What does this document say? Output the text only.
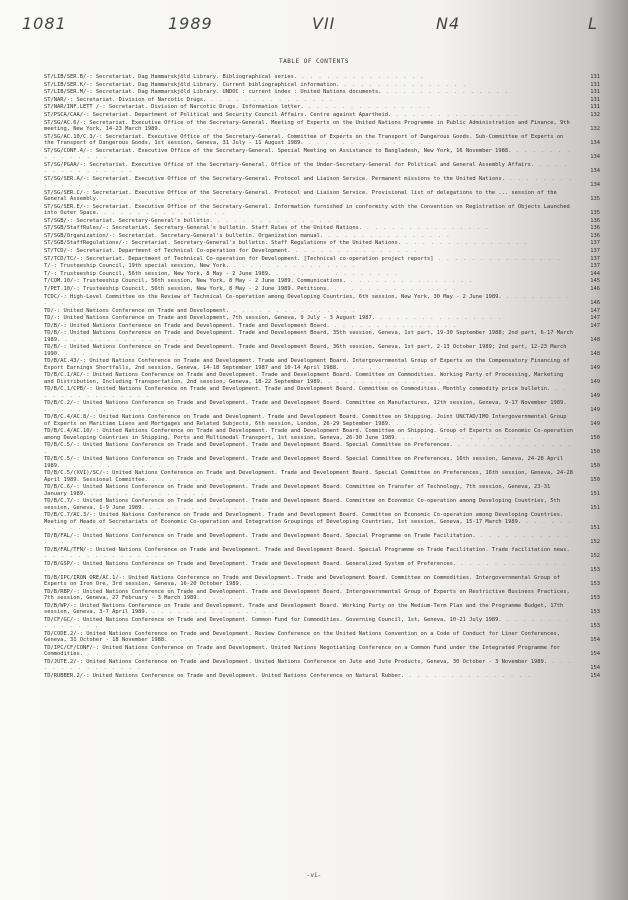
1081	1989	VII	N4	L
TABLE OF CONTENTS
ST/LIB/SER.B/-: Secretariat. Dag Hammarskjöld Library. Bibliographical series. . . . . . . . . . . . . . . .	131
ST/LIB/SER.K/-: Secretariat. Dag Hammarskjöld Library. Current bibliographical information. . . . . . . . . . . . . . . .	131
ST/LIB/SER.M/-: Secretariat. Dag Hammarskjöld Library. UNDOC : current index : United Nations documents. . . . . . . . . . . . . . . .	131
ST/NAR/-: Secretariat. Division of Narcotic Drugs. . . . . . . . . . . . . . . .	131
ST/NAR/INF.LETT /-: Secretariat. Division of Narcotic Drugs. Information letter. . . . . . . . . . . . . . . .	131
ST/PSCA/CAA/-: Secretariat. Department of Political and Security Council Affairs. Centre against Apartheid. . . . . . . . . . . . . . . .	132
ST/SG/AC.6/-: Secretariat. Executive Office of the Secretary-General. Meeting of Experts on the United Nations Programme in Public Administration and Finance, 9th meeting, New York, 14-23 March 1989. . . . . . . . . . . . . . . .	132
ST/SG/AC.10/C.3/-: Secretariat. Executive Office of the Secretary-General. Committee of Experts on the Transport of Dangerous Goods. Sub-Committee of Experts on the Transport of Dangerous Goods, 1st session, Geneva, 31 July - 11 August 1989. . . . . . . . . . . . . . . .	134
ST/SG/CONF.4/-: Secretariat. Executive Office of the Secretary-General. Special Meeting on Assistance to Bangladesh, New York, 16 November 1988. . . . . . . . . . . . . . . .	134
ST/SG/PGAA/-: Secretariat. Executive Office of the Secretary-General. Office of the Under-Secretary-General for Political and General Assembly Affairs. . . . . . . . . . . . . . . .	134
ST/SG/SER.A/-: Secretariat. Executive Office of the Secretary-General. Protocol and Liaison Service. Permanent missions to the United Nations. . . . . . . . . . . . . . . .	134
ST/SG/SER.C/-: Secretariat. Executive Office of the Secretary-General. Protocol and Liaison Service. Provisional list of delegations to the ... session of the General Assembly. . . . . . . . . . . . . . . .	135
ST/SG/SER.E/-: Secretariat. Executive Office of the Secretary-General. Information furnished in conformity with the Convention on Registration of Objects Launched into Outer Space. . . . . . . . . . . . . . . .	135
ST/SGB/-: Secretariat. Secretary-General's bulletin. . . . . . . . . . . . . . . .	136
ST/SGB/StaffRules/-: Secretariat. Secretary-General's bulletin. Staff Rules of the United Nations. . . . . . . . . . . . . . . .	136
ST/SGB/Organization/-: Secretariat. Secretary-General's bulletin. Organization manual. . . . . . . . . . . . . . . .	136
ST/SGB/StaffRegulations/-: Secretariat. Secretary-General's bulletin. Staff Regulations of the United Nations. . . . . . . . . . . . . . . .	137
ST/TCD/-: Secretariat. Department of Technical Co-operation for Development. . . . . . . . . . . . . . . .	137
ST/TCD/TC/-: Secretariat. Department of Technical Co-operation for Development. [Technical co-operation project reports] . . . . . . . . . . . . . . .	137
T/-: Trusteeship Council, 19th special session, New York. . . . . . . . . . . . . . . .	137
T/-: Trusteeship Council, 56th session, New York, 8 May - 2 June 1989. . . . . . . . . . . . . . . .	144
T/COM.10/-: Trusteeship Council, 56th session, New York, 8 May - 2 June 1989. Communications. . . . . . . . . . . . . . . .	145
T/PET.10/-: Trusteeship Council, 56th session, New York, 8 May - 2 June 1989. Petitions. . . . . . . . . . . . . . . .	146
TCDC/-: High-Level Committee on the Review of Technical Co-operation among Developing Countries, 6th session, New York, 30 May - 2 June 1989. . . . . . . . . . . . . . . .	146
TD/-: United Nations Conference on Trade and Development. . . . . . . . . . . . . . . .	147
TD/-: United Nations Conference on Trade and Development, 7th session, Geneva, 9 July - 3 August 1987. . . . . . . . . . . . . . . .	147
TD/B/-: United Nations Conference on Trade and Development. Trade and Development Board. . . . . . . . . . . . . . . .	147
TD/B/-: United Nations Conference on Trade and Development. Trade and Development Board, 35th session, Geneva, 1st part, 19-30 September 1988; 2nd part, 6-17 March 1989. . . . . . . . . . . . . . . .	148
TD/B/-: United Nations Conference on Trade and Development. Trade and Development Board, 36th session, Geneva, 1st part, 2-13 October 1989; 2nd part, 12-23 March 1990. . . . . . . . . . . . . . . .	148
TD/B/AC.43/-: United Nations Conference on Trade and Development. Trade and Development Board. Intergovernmental Group of Experts on the Compensatory Financing of Export Earnings Shortfalls, 2nd session, Geneva, 14-18 September 1987 and 10-14 April 1988. . . . . . . . . . . . . . . .	149
TD/B/C.1/AC/-: United Nations Conference on Trade and Development. Trade and Development Board. Committee on Commodities. Working Party of Processing, Marketing and Distribution, Including Transportation, 2nd session, Geneva, 18-22 September 1989. . . . . . . . . . . . . . . .	149
TD/B/C.1/CPB/-: United Nations Conference on Trade and Development. Trade and Development Board. Committee on Commodities. Monthly commodity price bulletin. . . . . . . . . . . . . . . .	149
TD/B/C.2/-: United Nations Conference on Trade and Development. Trade and Development Board. Committee on Manufactures, 12th session, Geneva, 9-17 November 1989. . . . . . . . . . . . . . . .	149
TD/B/C.4/AC.8/-: United Nations Conference on Trade and Development. Trade and Development Board. Committee on Shipping. Joint UNCTAD/IMO Intergovernmental Group of Experts on Maritime Liens and Mortgages and Related Subjects, 6th session, London, 26-29 September 1989. . . . . . . . . . . . . . . .	149
TD/B/C.4/AC.10/-: United Nations Conference on Trade and Development. Trade and Development Board. Committee on Shipping. Group of Experts on Economic Co-operation among Developing Countries in Shipping, Ports and Multimodal Transport, 1st session, Geneva, 26-30 June 1989. . . . . . . . . . . . . . . .	150
TD/B/C.5/-: United Nations Conference on Trade and Development. Trade and Development Board. Special Committee on Preferences. . . . . . . . . . . . . . . .	150
TD/B/C.5/-: United Nations Conference on Trade and Development. Trade and Development Board. Special Committee on Preferences, 16th session, Geneva, 24-28 April 1989. . . . . . . . . . . . . . . .	150
TD/B/C.5/(XVI)/SC/-: United Nations Conference on Trade and Development. Trade and Development Board. Special Committee on Preferences, 16th session, Geneva, 24-28 April 1989. Sessional Committee. . . . . . . . . . . . . . . .	150
TD/B/C.6/-: United Nations Conference on Trade and Development. Trade and Development Board. Committee on Transfer of Technology, 7th session, Geneva, 23-31 January 1989. . . . . . . . . . . . . . . .	151
TD/B/C.7/-: United Nations Conference on Trade and Development. Trade and Development Board. Committee on Economic Co-operation among Developing Countries, 5th session, Geneva, 1-9 June 1989. . . . . . . . . . . . . . . .	151
TD/B/C.7/AC.3/-: United Nations Conference on Trade and Development. Trade and Development Board. Committee on Economic Co-operation among Developing Countries. Meeting of Heads of Secretariats of Economic Co-operation and Integration Groupings of Developing Countries, 1st session, Geneva, 15-17 March 1989. . . . . . . . . . . . . . . .	151
TD/B/FAL/-: United Nations Conference on Trade and Development. Trade and Development Board. Special Programme on Trade Facilitation. . . . . . . . . . . . . . . .	152
TD/B/FAL/TFN/-: United Nations Conference on Trade and Development. Trade and Development Board. Special Programme on Trade Facilitation. Trade facilitation news. . . . . . . . . . . . . . . .	152
TD/B/GSP/-: United Nations Conference on Trade and Development. Trade and Development Board. Generalized System of Preferences. . . . . . . . . . . . . . . .	153
TD/B/IPC/IRON ORE/AC.1/-: United Nations Conference on Trade and Development. Trade and Development Board. Committee on Commodities. Intergovernmental Group of Experts on Iron Ore, 3rd session, Geneva, 16-20 October 1989. . . . . . . . . . . . . . . .	153
TD/B/RBP/-: United Nations Conference on Trade and Development. Trade and Development Board. Intergovernmental Group of Experts on Restrictive Business Practices, 7th session, Geneva, 27 February - 3 March 1989. . . . . . . . . . . . . . . .	153
TD/B/WP/-: United Nations Conference on Trade and Development. Trade and Development Board. Working Party on the Medium-Term Plan and the Programme Budget, 17th session, Geneva, 3-7 April 1989. . . . . . . . . . . . . . . .	153
TD/CF/GC/-: United Nations Conference on Trade and Development. Common Fund for Commodities. Governing Council, 1st, Geneva, 10-21 July 1989. . . . . . . . . . . . . . . .	153
TD/CODE.2/-: United Nations Conference on Trade and Development. Review Conference on the United Nations Convention on a Code of Conduct for Liner Conferences, Geneva, 31 October - 18 November 1988. . . . . . . . . . . . . . . .	154
TD/IPC/CF/CONF/-: United Nations Conference on Trade and Development. United Nations Negotiating Conference on a Common Fund under the Integrated Programme for Commodities. . . . . . . . . . . . . . . .	154
TD/JUTE.2/-: United Nations Conference on Trade and Development. United Nations Conference on Jute and Jute Products, Geneva, 30 October - 3 November 1989. . . . . . . . . . . . . . . .	154
TD/RUBBER.2/-: United Nations Conference on Trade and Development. United Nations Conference on Natural Rubber. . . . . . . . . . . . . . . .	154
-vi-
